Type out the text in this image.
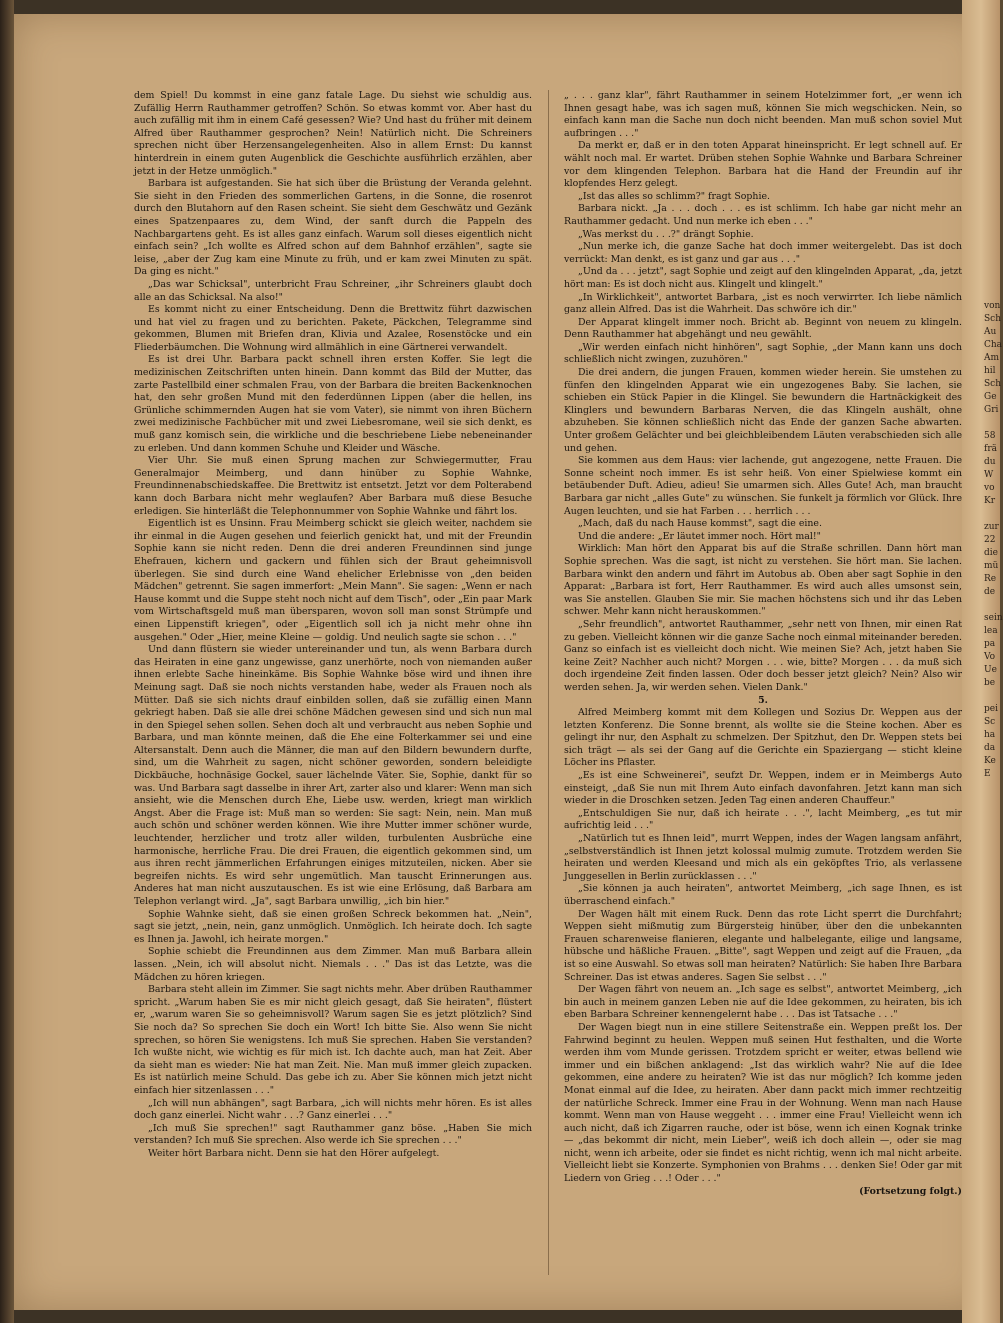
dem Spiel! Du kommst in eine ganz fatale Lage. Du siehst wie schuldig aus. Zufällig Herrn Rauthammer getroffen? Schön. So etwas kommt vor. Aber hast du auch zufällig mit ihm in einem Café gesessen? Wie? Und hast du früher mit deinem Alfred über Rauthammer gesprochen? Nein! Natürlich nicht. Die Schreiners sprechen nicht über Herzensangelegenheiten. Also in allem Ernst: Du kannst hinterdrein in einem guten Augenblick die Geschichte ausführlich erzählen, aber jetzt in der Hetze unmöglich."

Barbara ist aufgestanden. Sie hat sich über die Brüstung der Veranda gelehnt. Sie sieht in den Frieden des sommerlichen Gartens, in die Sonne, die rosenrot durch den Blutahorn auf den Rasen scheint. Sie sieht dem Geschwätz und Gezänk eines Spatzenpaares zu, dem Wind, der sanft durch die Pappeln des Nachbargartens geht. Es ist alles ganz einfach. Warum soll dieses eigentlich nicht einfach sein? „Ich wollte es Alfred schon auf dem Bahnhof erzählen", sagte sie leise, „aber der Zug kam eine Minute zu früh, und er kam zwei Minuten zu spät. Da ging es nicht."

„Das war Schicksal", unterbricht Frau Schreiner, „ihr Schreiners glaubt doch alle an das Schicksal. Na also!"

Es kommt nicht zu einer Entscheidung. Denn die Brettwitz führt dazwischen und hat viel zu fragen und zu berichten. Pakete, Päckchen, Telegramme sind gekommen, Blumen mit Briefen dran, Klivia und Azalee, Rosenstöcke und ein Fliederbäumchen. Die Wohnung wird allmählich in eine Gärtnerei verwandelt.

Es ist drei Uhr. Barbara packt schnell ihren ersten Koffer. Sie legt die medizinischen Zeitschriften unten hinein. Dann kommt das Bild der Mutter, das zarte Pastellbild einer schmalen Frau, von der Barbara die breiten Backenknochen hat, den sehr großen Mund mit den federdünnen Lippen (aber die hellen, ins Grünliche schimmernden Augen hat sie vom Vater), sie nimmt von ihren Büchern zwei medizinische Fachbücher mit und zwei Liebesromane, weil sie sich denkt, es muß ganz komisch sein, die wirkliche und die beschriebene Liebe nebeneinander zu erleben. Und dann kommen Schuhe und Kleider und Wäsche.

Vier Uhr. Sie muß einen Sprung machen zur Schwiegermutter, Frau Generalmajor Meimberg, und dann hinüber zu Sophie Wahnke, Freundinnenabschiedskaffee. Die Brettwitz ist entsetzt. Jetzt vor dem Polterabend kann doch Barbara nicht mehr weglaufen? Aber Barbara muß diese Besuche erledigen. Sie hinterläßt die Telephonnummer von Sophie Wahnke und fährt los.

Eigentlich ist es Unsinn. Frau Meimberg schickt sie gleich weiter, nachdem sie ihr einmal in die Augen gesehen und feierlich genickt hat, und mit der Freundin Sophie kann sie nicht reden. Denn die drei anderen Freundinnen sind junge Ehefrauen, kichern und gackern und fühlen sich der Braut geheimnisvoll überlegen. Sie sind durch eine Wand ehelicher Erlebnisse von „den beiden Mädchen" getrennt. Sie sagen immerfort: „Mein Mann". Sie sagen: „Wenn er nach Hause kommt und die Suppe steht noch nicht auf dem Tisch", oder „Ein paar Mark vom Wirtschaftsgeld muß man übersparen, wovon soll man sonst Strümpfe und einen Lippenstift kriegen", oder „Eigentlich soll ich ja nicht mehr ohne ihn ausgehen." Oder „Hier, meine Kleine — goldig. Und neulich sagte sie schon . . ."

Und dann flüstern sie wieder untereinander und tun, als wenn Barbara durch das Heiraten in eine ganz ungewisse, ganz unerhörte, noch von niemanden außer ihnen erlebte Sache hineinkäme. Bis Sophie Wahnke böse wird und ihnen ihre Meinung sagt. Daß sie noch nichts verstanden habe, weder als Frauen noch als Mütter. Daß sie sich nichts drauf einbilden sollen, daß sie zufällig einen Mann gekriegt haben. Daß sie alle drei schöne Mädchen gewesen sind und sich nun mal in den Spiegel sehen sollen. Sehen doch alt und verbraucht aus neben Sophie und Barbara, und man könnte meinen, daß die Ehe eine Folterkammer sei und eine Altersanstalt. Denn auch die Männer, die man auf den Bildern bewundern durfte, sind, um die Wahrheit zu sagen, nicht schöner geworden, sondern beleidigte Dickbäuche, hochnäsige Gockel, sauer lächelnde Väter. Sie, Sophie, dankt für so was. Und Barbara sagt dasselbe in ihrer Art, zarter also und klarer: Wenn man sich ansieht, wie die Menschen durch Ehe, Liebe usw. werden, kriegt man wirklich Angst. Aber die Frage ist: Muß man so werden: Sie sagt: Nein, nein. Man muß auch schön und schöner werden können. Wie ihre Mutter immer schöner wurde, leuchtender, herzlicher und trotz aller wilden, turbulenten Ausbrüche eine harmonische, herrliche Frau. Die drei Frauen, die eigentlich gekommen sind, um aus ihren recht jämmerlichen Erfahrungen einiges mitzuteilen, nicken. Aber sie begreifen nichts. Es wird sehr ungemütlich. Man tauscht Erinnerungen aus. Anderes hat man nicht auszutauschen. Es ist wie eine Erlösung, daß Barbara am Telephon verlangt wird. „Ja", sagt Barbara unwillig, „ich bin hier."

Sophie Wahnke sieht, daß sie einen großen Schreck bekommen hat. „Nein", sagt sie jetzt, „nein, nein, ganz unmöglich. Unmöglich. Ich heirate doch. Ich sagte es Ihnen ja. Jawohl, ich heirate morgen."

Sophie schiebt die Freundinnen aus dem Zimmer. Man muß Barbara allein lassen. „Nein, ich will absolut nicht. Niemals . . ." Das ist das Letzte, was die Mädchen zu hören kriegen.

Barbara steht allein im Zimmer. Sie sagt nichts mehr. Aber drüben Rauthammer spricht. „Warum haben Sie es mir nicht gleich gesagt, daß Sie heiraten", flüstert er, „warum waren Sie so geheimnisvoll? Warum sagen Sie es jetzt plötzlich? Sind Sie noch da? So sprechen Sie doch ein Wort! Ich bitte Sie. Also wenn Sie nicht sprechen, so hören Sie wenigstens. Ich muß Sie sprechen. Haben Sie verstanden? Ich wußte nicht, wie wichtig es für mich ist. Ich dachte auch, man hat Zeit. Aber da sieht man es wieder: Nie hat man Zeit. Nie. Man muß immer gleich zupacken. Es ist natürlich meine Schuld. Das gebe ich zu. Aber Sie können mich jetzt nicht einfach hier sitzenlassen . . ."

„Ich will nun abhängen", sagt Barbara, „ich will nichts mehr hören. Es ist alles doch ganz einerlei. Nicht wahr . . .? Ganz einerlei . . ."

„Ich muß Sie sprechen!" sagt Rauthammer ganz böse. „Haben Sie mich verstanden? Ich muß Sie sprechen. Also werde ich Sie sprechen . . ."

Weiter hört Barbara nicht. Denn sie hat den Hörer aufgelegt.

„ . . . ganz klar", fährt Rauthammer in seinem Hotelzimmer fort, „er wenn ich Ihnen gesagt habe, was ich sagen muß, können Sie mich wegschicken. Nein, so einfach kann man die Sache nun doch nicht beenden. Man muß schon soviel Mut aufbringen . . ."

Da merkt er, daß er in den toten Apparat hineinspricht. Er legt schnell auf. Er wählt noch mal. Er wartet. Drüben stehen Sophie Wahnke und Barbara Schreiner vor dem klingenden Telephon. Barbara hat die Hand der Freundin auf ihr klopfendes Herz gelegt.

„Ist das alles so schlimm?" fragt Sophie.

Barbara nickt. „Ja . . . doch . . . es ist schlimm. Ich habe gar nicht mehr an Rauthammer gedacht. Und nun merke ich eben . . ."

„Was merkst du . . .?" drängt Sophie.

„Nun merke ich, die ganze Sache hat doch immer weitergelebt. Das ist doch verrückt: Man denkt, es ist ganz und gar aus . . ."

„Und da . . . jetzt", sagt Sophie und zeigt auf den klingelnden Apparat, „da, jetzt hört man: Es ist doch nicht aus. Klingelt und klingelt."

„In Wirklichkeit", antwortet Barbara, „ist es noch verwirrter. Ich liebe nämlich ganz allein Alfred. Das ist die Wahrheit. Das schwöre ich dir."

Der Apparat klingelt immer noch. Bricht ab. Beginnt von neuem zu klingeln. Denn Rauthammer hat abgehängt und neu gewählt.

„Wir werden einfach nicht hinhören", sagt Sophie, „der Mann kann uns doch schließlich nicht zwingen, zuzuhören."

Die drei andern, die jungen Frauen, kommen wieder herein. Sie umstehen zu fünfen den klingelnden Apparat wie ein ungezogenes Baby. Sie lachen, sie schieben ein Stück Papier in die Klingel. Sie bewundern die Hartnäckigkeit des Klinglers und bewundern Barbaras Nerven, die das Klingeln aushält, ohne abzuheben. Sie können schließlich nicht das Ende der ganzen Sache abwarten. Unter großem Gelächter und bei gleichbleibendem Läuten verabschieden sich alle und gehen.

Sie kommen aus dem Haus: vier lachende, gut angezogene, nette Frauen. Die Sonne scheint noch immer. Es ist sehr heiß. Von einer Spielwiese kommt ein betäubender Duft. Adieu, adieu! Sie umarmen sich. Alles Gute! Ach, man braucht Barbara gar nicht „alles Gute" zu wünschen. Sie funkelt ja förmlich vor Glück. Ihre Augen leuchten, und sie hat Farben . . . herrlich . . .

„Mach, daß du nach Hause kommst", sagt die eine.

Und die andere: „Er läutet immer noch. Hört mal!"

Wirklich: Man hört den Apparat bis auf die Straße schrillen. Dann hört man Sophie sprechen. Was die sagt, ist nicht zu verstehen. Sie hört man. Sie lachen. Barbara winkt den andern und fährt im Autobus ab. Oben aber sagt Sophie in den Apparat: „Barbara ist fort, Herr Rauthammer. Es wird auch alles umsonst sein, was Sie anstellen. Glauben Sie mir. Sie machen höchstens sich und ihr das Leben schwer. Mehr kann nicht herauskommen."

„Sehr freundlich", antwortet Rauthammer, „sehr nett von Ihnen, mir einen Rat zu geben. Vielleicht können wir die ganze Sache noch einmal miteinander bereden. Ganz so einfach ist es vielleicht doch nicht. Wie meinen Sie? Ach, jetzt haben Sie keine Zeit? Nachher auch nicht? Morgen . . . wie, bitte? Morgen . . . da muß sich doch irgendeine Zeit finden lassen. Oder doch besser jetzt gleich? Nein? Also wir werden sehen. Ja, wir werden sehen. Vielen Dank."

5.

Alfred Meimberg kommt mit dem Kollegen und Sozius Dr. Weppen aus der letzten Konferenz. Die Sonne brennt, als wollte sie die Steine kochen. Aber es gelingt ihr nur, den Asphalt zu schmelzen. Der Spitzhut, den Dr. Weppen stets bei sich trägt — als sei der Gang auf die Gerichte ein Spaziergang — sticht kleine Löcher ins Pflaster.

„Es ist eine Schweinerei", seufzt Dr. Weppen, indem er in Meimbergs Auto einsteigt, „daß Sie nun mit Ihrem Auto einfach davonfahren. Jetzt kann man sich wieder in die Droschken setzen. Jeden Tag einen anderen Chauffeur."

„Entschuldigen Sie nur, daß ich heirate . . .", lacht Meimberg, „es tut mir aufrichtig leid . . ."

„Natürlich tut es Ihnen leid", murrt Weppen, indes der Wagen langsam anfährt, „selbstverständlich ist Ihnen jetzt kolossal mulmig zumute. Trotzdem werden Sie heiraten und werden Kleesand und mich als ein geköpftes Trio, als verlassene Junggesellen in Berlin zurücklassen . . ."

„Sie können ja auch heiraten", antwortet Meimberg, „ich sage Ihnen, es ist überraschend einfach."

Der Wagen hält mit einem Ruck. Denn das rote Licht sperrt die Durchfahrt; Weppen sieht mißmutig zum Bürgersteig hinüber, über den die unbekannten Frauen scharenweise flanieren, elegante und halbelegante, eilige und langsame, hübsche und häßliche Frauen. „Bitte", sagt Weppen und zeigt auf die Frauen, „da ist so eine Auswahl. So etwas soll man heiraten? Natürlich: Sie haben Ihre Barbara Schreiner. Das ist etwas anderes. Sagen Sie selbst . . ."

Der Wagen fährt von neuem an. „Ich sage es selbst", antwortet Meimberg, „ich bin auch in meinem ganzen Leben nie auf die Idee gekommen, zu heiraten, bis ich eben Barbara Schreiner kennengelernt habe . . . Das ist Tatsache . . ."

Der Wagen biegt nun in eine stillere Seitenstraße ein. Weppen preßt los. Der Fahrwind beginnt zu heulen. Weppen muß seinen Hut festhalten, und die Worte werden ihm vom Munde gerissen. Trotzdem spricht er weiter, etwas bellend wie immer und ein bißchen anklagend: „Ist das wirklich wahr? Nie auf die Idee gekommen, eine andere zu heiraten? Wie ist das nur möglich? Ich komme jeden Monat einmal auf die Idee, zu heiraten. Aber dann packt mich immer rechtzeitig der natürliche Schreck. Immer eine Frau in der Wohnung. Wenn man nach Hause kommt. Wenn man von Hause weggeht . . . immer eine Frau! Vielleicht wenn ich auch nicht, daß ich Zigarren rauche, oder ist böse, wenn ich einen Kognak trinke — „das bekommt dir nicht, mein Lieber", weiß ich doch allein —, oder sie mag nicht, wenn ich arbeite, oder sie findet es nicht richtig, wenn ich mal nicht arbeite. Vielleicht liebt sie Konzerte. Symphonien von Brahms . . . denken Sie! Oder gar mit Liedern von Grieg . . .! Oder . . ."

(Fortsetzung folgt.)

von
Sch
Au
Cha
Am
hil
Sch
Ge
Gri

58
frä
du
W
vo
Kr

zur
22
die
mü
Re
de

sein
lea
pa
Vo
Ue
be

pei
Sc
ha
da
Ke
E
